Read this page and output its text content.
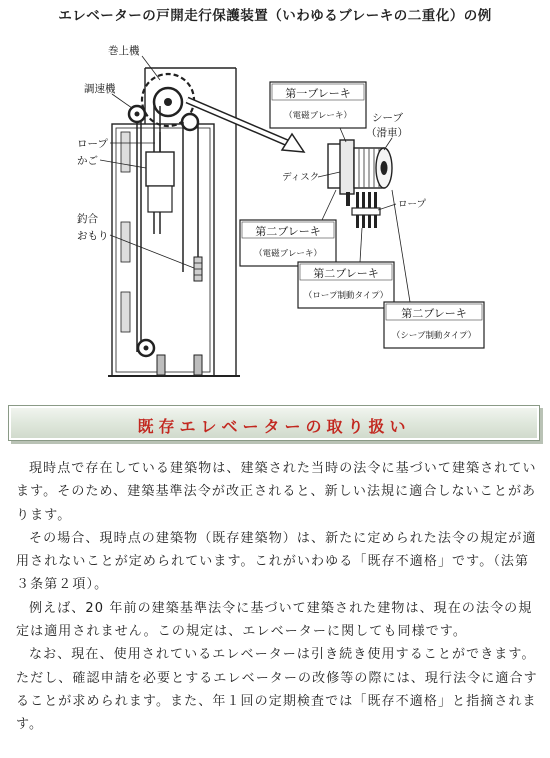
エレベーターの戸開走行保護装置（いわゆるブレーキの二重化）の例
巻上機
調速機
ロープ
かご
釣合
おもり
シーブ
（滑車）
ディスク
ロープ
第一ブレーキ
（電磁ブレーキ）
第二ブレーキ
（電磁ブレーキ）
第二ブレーキ
（ロープ制動タイプ）
第二ブレーキ
（シーブ制動タイプ）
既存エレベーターの取り扱い

現時点で存在している建築物は、建築された当時の法令に基づいて建築されています。そのため、建築基準法令が改正されると、新しい法規に適合しないことがあります。

その場合、現時点の建築物（既存建築物）は、新たに定められた法令の規定が適用されないことが定められています。これがいわゆる「既存不適格」です。（法第３条第２項）。

例えば、20 年前の建築基準法令に基づいて建築された建物は、現在の法令の規定は適用されません。この規定は、エレベーターに関しても同様です。

なお、現在、使用されているエレベーターは引き続き使用することができます。ただし、確認申請を必要とするエレベーターの改修等の際には、現行法令に適合することが求められます。また、年１回の定期検査では「既存不適格」と指摘されます。
